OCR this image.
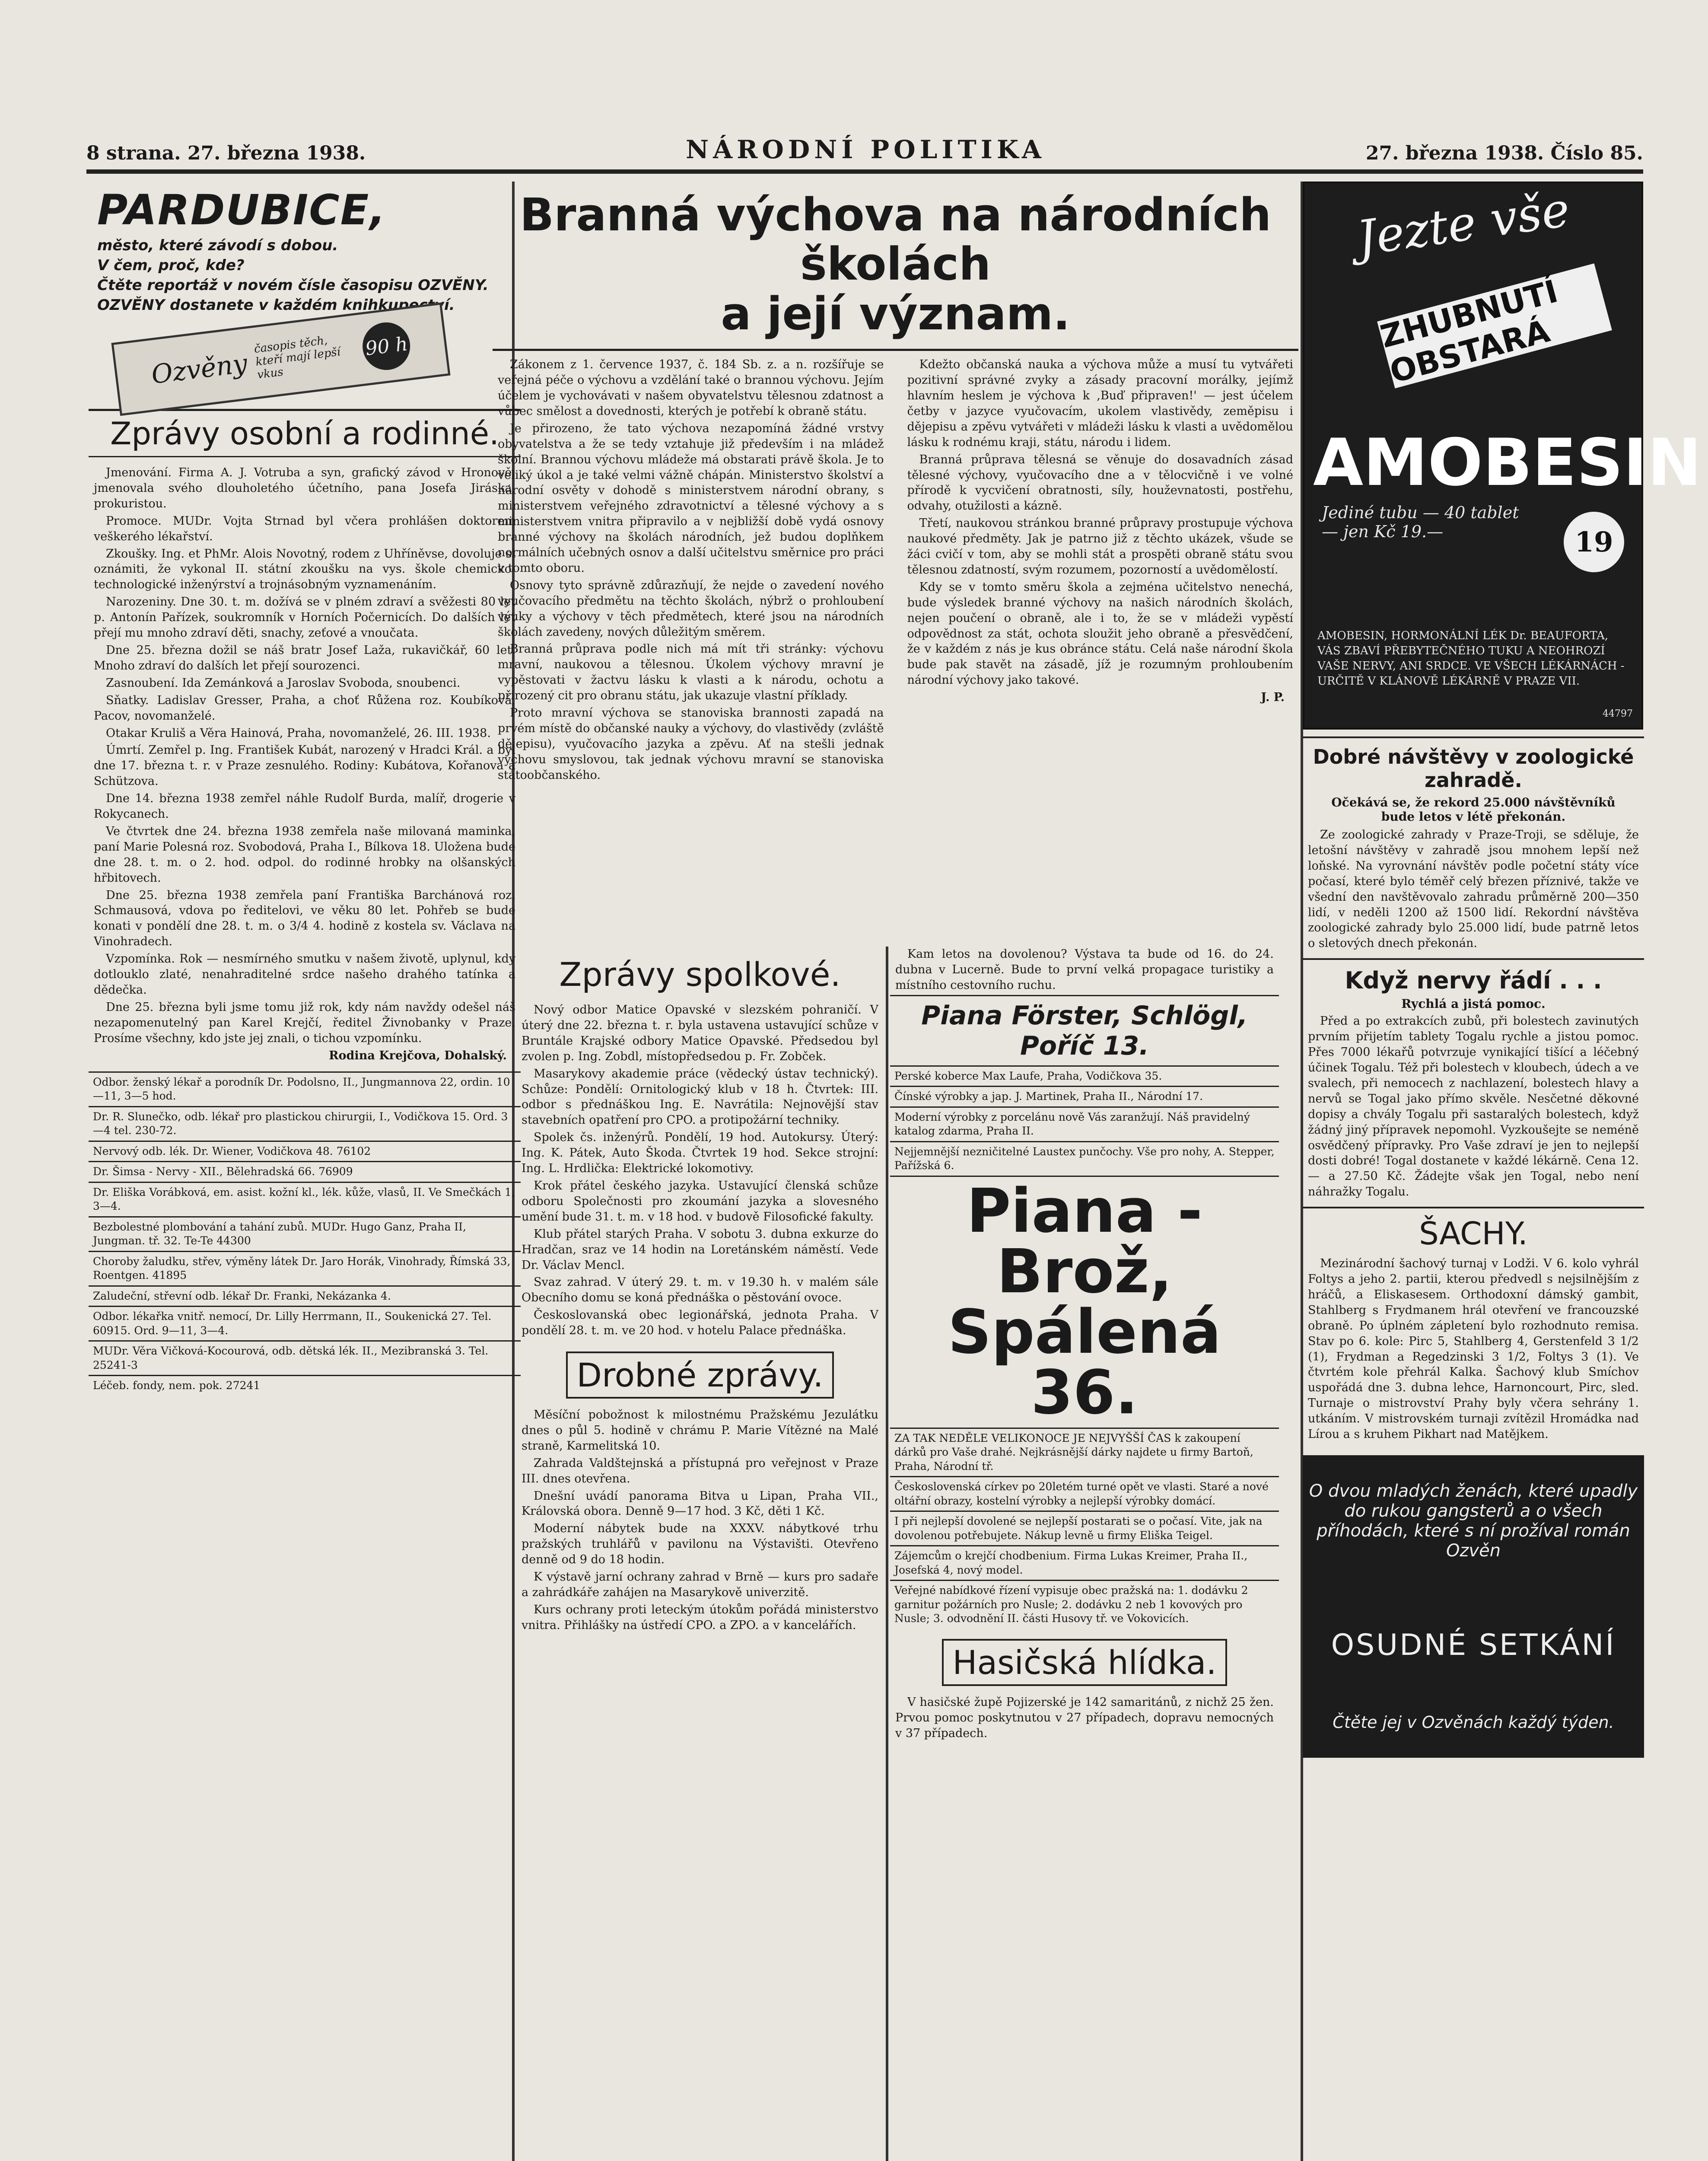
8 strana. 27. března 1938.	NÁRODNÍ POLITIKA	27. března 1938. Číslo 85.
PARDUBICE,
město, které závodí s dobou.
V čem, proč, kde?
Čtěte reportáž v novém čísle časopisu OZVĚNY.
OZVĚNY dostanete v každém knihkupectví.
Ozvěny
časopis těch, kteří mají lepší vkus
90 h
Zprávy osobní a rodinné.

Jmenování. Firma A. J. Votruba a syn, grafický závod v Hronově, jmenovala svého dlouholetého účetního, pana Josefa Jiráska, prokuristou.

Promoce. MUDr. Vojta Strnad byl včera prohlášen doktorem veškerého lékařství.

Zkoušky. Ing. et PhMr. Alois Novotný, rodem z Uhříněvse, dovoluje si oznámiti, že vykonal II. státní zkoušku na vys. škole chemicko-technologické inženýrství a trojnásobným vyznamenáním.

Narozeniny. Dne 30. t. m. dožívá se v plném zdraví a svěžesti 80 let p. Antonín Pařízek, soukromník v Horních Počernicích. Do dalších let přejí mu mnoho zdraví děti, snachy, zeťové a vnoučata.

Dne 25. března dožil se náš bratr Josef Laža, rukavičkář, 60 let. Mnoho zdraví do dalších let přejí sourozenci.

Zasnoubení. Ida Zemánková a Jaroslav Svoboda, snoubenci.

Sňatky. Ladislav Gresser, Praha, a choť Růžena roz. Koubíková, Pacov, novomanželé.

Otakar Kruliš a Věra Hainová, Praha, novomanželé, 26. III. 1938.

Úmrtí. Zemřel p. Ing. František Kubát, narozený v Hradci Král. a byl dne 17. března t. r. v Praze zesnulého. Rodiny: Kubátova, Kořanova a Schützova.

Dne 14. března 1938 zemřel náhle Rudolf Burda, malíř, drogerie v Rokycanech.

Ve čtvrtek dne 24. března 1938 zemřela naše milovaná maminka, paní Marie Polesná roz. Svobodová, Praha I., Bílkova 18. Uložena bude dne 28. t. m. o 2. hod. odpol. do rodinné hrobky na olšanských hřbitovech.

Dne 25. března 1938 zemřela paní Františka Barchánová roz. Schmausová, vdova po ředitelovi, ve věku 80 let. Pohřeb se bude konati v pondělí dne 28. t. m. o 3/4 4. hodině z kostela sv. Václava na Vinohradech.

Vzpomínka. Rok — nesmírného smutku v našem životě, uplynul, kdy dotlouklo zlaté, nenahraditelné srdce našeho drahého tatínka a dědečka.

Dne 25. března byli jsme tomu již rok, kdy nám navždy odešel náš nezapomenutelný pan Karel Krejčí, ředitel Živnobanky v Praze. Prosíme všechny, kdo jste jej znali, o tichou vzpomínku.

Rodina Krejčova, Dohalský.
Odbor. ženský lékař a porodník Dr. Podolsno, II., Jungmannova 22, ordin. 10—11, 3—5 hod.
Dr. R. Slunečko, odb. lékař pro plastickou chirurgii, I., Vodičkova 15. Ord. 3—4 tel. 230-72.
Nervový odb. lék. Dr. Wiener, Vodičkova 48. 76102
Dr. Šimsa - Nervy - XII., Bělehradská 66. 76909
Dr. Eliška Vorábková, em. asist. kožní kl., lék. kůže, vlasů, II. Ve Smečkách 1, 3—4.
Bezbolestné plombování a tahání zubů. MUDr. Hugo Ganz, Praha II, Jungman. tř. 32. Te-Te 44300
Choroby žaludku, střev, výměny látek Dr. Jaro Horák, Vinohrady, Římská 33, Roentgen. 41895
Zaludeční, střevní odb. lékař Dr. Franki, Nekázanka 4.
Odbor. lékařka vnitř. nemocí, Dr. Lilly Herrmann, II., Soukenická 27. Tel. 60915. Ord. 9—11, 3—4.
MUDr. Věra Vičková-Kocourová, odb. dětská lék. II., Mezibranská 3. Tel. 25241-3
Léčeb. fondy, nem. pok. 27241
Branná výchova na národních školách
a její význam.

Zákonem z 1. července 1937, č. 184 Sb. z. a n. rozšířuje se veřejná péče o výchovu a vzdělání také o brannou výchovu. Jejím účelem je vychovávati v našem obyvatelstvu tělesnou zdatnost a vůbec smělost a dovednosti, kterých je potřebí k obraně státu.

Je přirozeno, že tato výchova nezapomíná žádné vrstvy obyvatelstva a že se tedy vztahuje již především i na mládež školní. Brannou výchovu mládeže má obstarati právě škola. Je to veliký úkol a je také velmi vážně chápán. Ministerstvo školství a národní osvěty v dohodě s ministerstvem národní obrany, s ministerstvem veřejného zdravotnictví a tělesné výchovy a s ministerstvem vnitra připravilo a v nejbližší době vydá osnovy branné výchovy na školách národních, jež budou doplňkem normálních učebných osnov a další učitelstvu směrnice pro práci v tomto oboru.

Osnovy tyto správně zdůrazňují, že nejde o zavedení nového vyučovacího předmětu na těchto školách, nýbrž o prohloubení výuky a výchovy v těch předmětech, které jsou na národních školách zavedeny, nových důležitým směrem.

Branná průprava podle nich má mít tři stránky: výchovu mravní, naukovou a tělesnou. Úkolem výchovy mravní je vypěstovati v žactvu lásku k vlasti a k národu, ochotu a přirozený cit pro obranu státu, jak ukazuje vlastní příklady.

Proto mravní výchova se stanoviska brannosti zapadá na prvém místě do občanské nauky a výchovy, do vlastivědy (zvláště dějepisu), vyučovacího jazyka a zpěvu. Ať na stešli jednak výchovu smyslovou, tak jednak výchovu mravní se stanoviska státoobčanského.

Kdežto občanská nauka a výchova může a musí tu vytvářeti pozitivní správné zvyky a zásady pracovní morálky, jejímž hlavním heslem je výchova k ,Buď připraven!' — jest účelem četby v jazyce vyučovacím, ukolem vlastivědy, zeměpisu i dějepisu a zpěvu vytvářeti v mládeži lásku k vlasti a uvědomělou lásku k rodnému kraji, státu, národu i lidem.

Branná průprava tělesná se věnuje do dosavadních zásad tělesné výchovy, vyučovacího dne a v tělocvičně i ve volné přírodě k vycvičení obratnosti, síly, houževnatosti, postřehu, odvahy, otužilosti a kázně.

Třetí, naukovou stránkou branné průpravy prostupuje výchova naukové předměty. Jak je patrno již z těchto ukázek, všude se žáci cvičí v tom, aby se mohli stát a prospěti obraně státu svou tělesnou zdatností, svým rozumem, pozorností a uvědomělostí.

Kdy se v tomto směru škola a zejména učitelstvo nenechá, bude výsledek branné výchovy na našich národních školách, nejen poučení o obraně, ale i to, že se v mládeži vypěstí odpovědnost za stát, ochota sloužit jeho obraně a přesvědčení, že v každém z nás je kus obránce státu. Celá naše národní škola bude pak stavět na zásadě, jíž je rozumným prohloubením národní výchovy jako takové.

J. P.
Zprávy spolkové.

Nový odbor Matice Opavské v slezském pohraničí. V úterý dne 22. března t. r. byla ustavena ustavující schůze v Bruntále Krajské odbory Matice Opavské. Předsedou byl zvolen p. Ing. Zobdl, místopředsedou p. Fr. Zobček.

Masarykovy akademie práce (vědecký ústav technický). Schůze: Pondělí: Ornitologický klub v 18 h. Čtvrtek: III. odbor s přednáškou Ing. E. Navrátila: Nejnovější stav stavebních opatření pro CPO. a protipožární techniky.

Spolek čs. inženýrů. Pondělí, 19 hod. Autokursy. Úterý: Ing. K. Pátek, Auto Škoda. Čtvrtek 19 hod. Sekce strojní: Ing. L. Hrdlička: Elektrické lokomotivy.

Krok přátel českého jazyka. Ustavující členská schůze odboru Společnosti pro zkoumání jazyka a slovesného umění bude 31. t. m. v 18 hod. v budově Filosofické fakulty.

Klub přátel starých Praha. V sobotu 3. dubna exkurze do Hradčan, sraz ve 14 hodin na Loretánském náměstí. Vede Dr. Václav Mencl.

Svaz zahrad. V úterý 29. t. m. v 19.30 h. v malém sále Obecního domu se koná přednáška o pěstování ovoce.

Českoslovanská obec legionářská, jednota Praha. V pondělí 28. t. m. ve 20 hod. v hotelu Palace přednáška.

Drobné zprávy.

Měsíční pobožnost k milostnému Pražskému Jezulátku dnes o půl 5. hodině v chrámu P. Marie Vítězné na Malé straně, Karmelitská 10.

Zahrada Valdštejnská a přístupná pro veřejnost v Praze III. dnes otevřena.

Dnešní uvádí panorama Bitva u Lipan, Praha VII., Královská obora. Denně 9—17 hod. 3 Kč, děti 1 Kč.

Moderní nábytek bude na XXXV. nábytkové trhu pražských truhlářů v pavilonu na Výstavišti. Otevřeno denně od 9 do 18 hodin.

K výstavě jarní ochrany zahrad v Brně — kurs pro sadaře a zahrádkáře zahájen na Masarykově univerzitě.

Kurs ochrany proti leteckým útokům pořádá ministerstvo vnitra. Přihlášky na ústředí CPO. a ZPO. a v kancelářích.

Kam letos na dovolenou? Výstava ta bude od 16. do 24. dubna v Lucerně. Bude to první velká propagace turistiky a místního cestovního ruchu.

Piana Förster, Schlögl, Poříč 13.
Perské koberce Max Laufe, Praha, Vodičkova 35.
Čínské výrobky a jap. J. Martinek, Praha II., Národní 17.
Moderní výrobky z porcelánu nově Vás zaranžují. Náš pravidelný katalog zdarma, Praha II.
Nejjemnější nezničitelné Laustex punčochy. Vše pro nohy, A. Stepper, Pařížská 6.
Piana - Brož,
Spálená 36.
ZA TAK NEDĚLE VELIKONOCE JE NEJVYŠŠÍ ČAS k zakoupení dárků pro Vaše drahé. Nejkrásnější dárky najdete u firmy Bartoň, Praha, Národní tř.
Československá církev po 20letém turné opět ve vlasti. Staré a nové oltářní obrazy, kostelní výrobky a nejlepší výrobky domácí.
I při nejlepší dovolené se nejlepší postarati se o počasí. Vite, jak na dovolenou potřebujete. Nákup levně u firmy Eliška Teigel.
Zájemcům o krejčí chodbenium. Firma Lukas Kreimer, Praha II., Josefská 4, nový model.
Veřejné nabídkové řízení vypisuje obec pražská na: 1. dodávku 2 garnitur požárních pro Nusle; 2. dodávku 2 neb 1 kovových pro Nusle; 3. odvodnění II. části Husovy tř. ve Vokovicích.
Hasičská hlídka.

V hasičské župě Pojizerské je 142 samaritánů, z nichž 25 žen. Prvou pomoc poskytnutou v 27 případech, dopravu nemocných v 37 případech.

Jezte vše
ZHUBNUTÍ OBSTARÁ
AMOBESIN
Jediné tubu — 40 tablet — jen Kč 19.—	19
AMOBESIN, HORMONÁLNÍ LÉK Dr. BEAUFORTA, VÁS ZBAVÍ PŘEBYTEČNÉHO TUKU A NEOHROZÍ VAŠE NERVY, ANI SRDCE. VE VŠECH LÉKÁRNÁCH - URČITĚ V KLÁNOVĚ LÉKÁRNĚ V PRAZE VII.
44797
Dobré návštěvy v zoologické zahradě.
Očekává se, že rekord 25.000 návštěvníků bude letos v létě překonán.

Ze zoologické zahrady v Praze-Troji, se sděluje, že letošní návštěvy v zahradě jsou mnohem lepší než loňské. Na vyrovnání návštěv podle početní státy více počasí, které bylo téměř celý březen příznivé, takže ve všední den navštěvovalo zahradu průměrně 200—350 lidí, v neděli 1200 až 1500 lidí. Rekordní návštěva zoologické zahrady bylo 25.000 lidí, bude patrně letos o sletových dnech překonán.

Když nervy řádí . . .
Rychlá a jistá pomoc.

Před a po extrakcích zubů, při bolestech zavinutých prvním přijetím tablety Togalu rychle a jistou pomoc. Přes 7000 lékařů potvrzuje vynikající tišící a léčebný účinek Togalu. Též při bolestech v kloubech, údech a ve svalech, při nemocech z nachlazení, bolestech hlavy a nervů se Togal jako přímo skvěle. Nesčetné děkovné dopisy a chvály Togalu při sastaralých bolestech, když žádný jiný přípravek nepomohl. Vyzkoušejte se neméně osvědčený přípravky. Pro Vaše zdraví je jen to nejlepší dosti dobré! Togal dostanete v každé lékárně. Cena 12.— a 27.50 Kč. Žádejte však jen Togal, nebo není náhražky Togalu.

ŠACHY.

Mezinárodní šachový turnaj v Lodži. V 6. kolo vyhrál Foltys a jeho 2. partii, kterou předvedl s nejsilnějším z hráčů, a Eliskasesem. Orthodoxní dámský gambit, Stahlberg s Frydmanem hrál otevření ve francouzské obraně. Po úplném zápletení bylo rozhodnuto remisa. Stav po 6. kole: Pirc 5, Stahlberg 4, Gerstenfeld 3 1/2 (1), Frydman a Regedzinski 3 1/2, Foltys 3 (1). Ve čtvrtém kole přehrál Kalka. Šachový klub Smíchov uspořádá dne 3. dubna lehce, Harnoncourt, Pirc, sled. Turnaje o mistrovství Prahy byly včera sehrány 1. utkáním. V mistrovském turnaji zvítězil Hromádka nad Lírou a s kruhem Pikhart nad Matějkem.

O dvou mladých ženách, které upadly do rukou gangsterů a o všech příhodách, které s ní prožíval román Ozvěn
OSUDNÉ SETKÁNÍ
Čtěte jej v Ozvěnách každý týden.
